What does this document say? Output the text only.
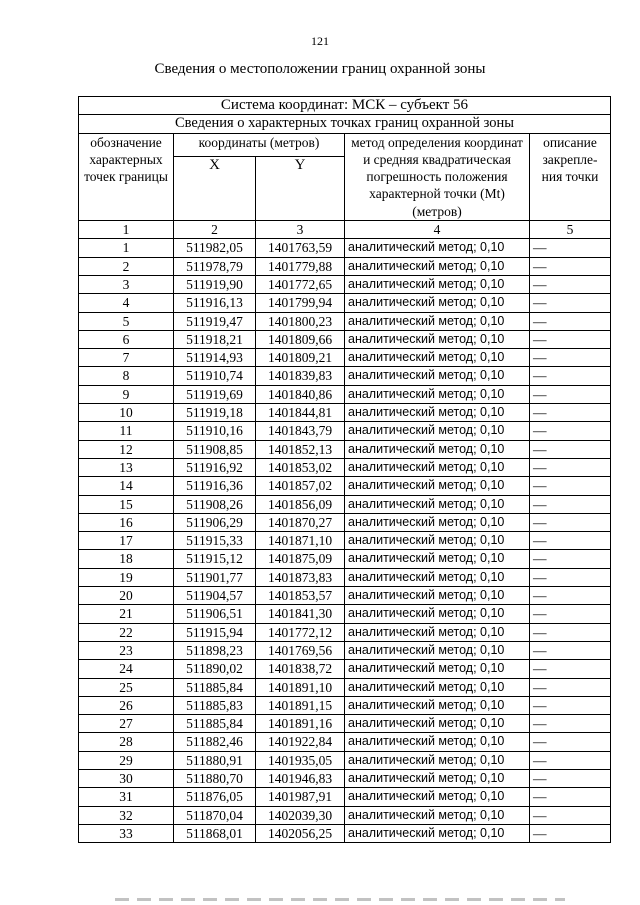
121
Сведения о местоположении границ охранной зоны
Система координат: МСК – субъект 56				
Сведения о характерных точках границ охранной зоны				
обозначение характерных точек границы	координаты (метров)		метод определения координат и средняя квадратическая погрешность положения характерной точки (Mt) (метров)	описание закрепле-ния точки
	X	Y		
1	2	3	4	5
1	511982,05	1401763,59	аналитический метод; 0,10	—
2	511978,79	1401779,88	аналитический метод; 0,10	—
3	511919,90	1401772,65	аналитический метод; 0,10	—
4	511916,13	1401799,94	аналитический метод; 0,10	—
5	511919,47	1401800,23	аналитический метод; 0,10	—
6	511918,21	1401809,66	аналитический метод; 0,10	—
7	511914,93	1401809,21	аналитический метод; 0,10	—
8	511910,74	1401839,83	аналитический метод; 0,10	—
9	511919,69	1401840,86	аналитический метод; 0,10	—
10	511919,18	1401844,81	аналитический метод; 0,10	—
11	511910,16	1401843,79	аналитический метод; 0,10	—
12	511908,85	1401852,13	аналитический метод; 0,10	—
13	511916,92	1401853,02	аналитический метод; 0,10	—
14	511916,36	1401857,02	аналитический метод; 0,10	—
15	511908,26	1401856,09	аналитический метод; 0,10	—
16	511906,29	1401870,27	аналитический метод; 0,10	—
17	511915,33	1401871,10	аналитический метод; 0,10	—
18	511915,12	1401875,09	аналитический метод; 0,10	—
19	511901,77	1401873,83	аналитический метод; 0,10	—
20	511904,57	1401853,57	аналитический метод; 0,10	—
21	511906,51	1401841,30	аналитический метод; 0,10	—
22	511915,94	1401772,12	аналитический метод; 0,10	—
23	511898,23	1401769,56	аналитический метод; 0,10	—
24	511890,02	1401838,72	аналитический метод; 0,10	—
25	511885,84	1401891,10	аналитический метод; 0,10	—
26	511885,83	1401891,15	аналитический метод; 0,10	—
27	511885,84	1401891,16	аналитический метод; 0,10	—
28	511882,46	1401922,84	аналитический метод; 0,10	—
29	511880,91	1401935,05	аналитический метод; 0,10	—
30	511880,70	1401946,83	аналитический метод; 0,10	—
31	511876,05	1401987,91	аналитический метод; 0,10	—
32	511870,04	1402039,30	аналитический метод; 0,10	—
33	511868,01	1402056,25	аналитический метод; 0,10	—
